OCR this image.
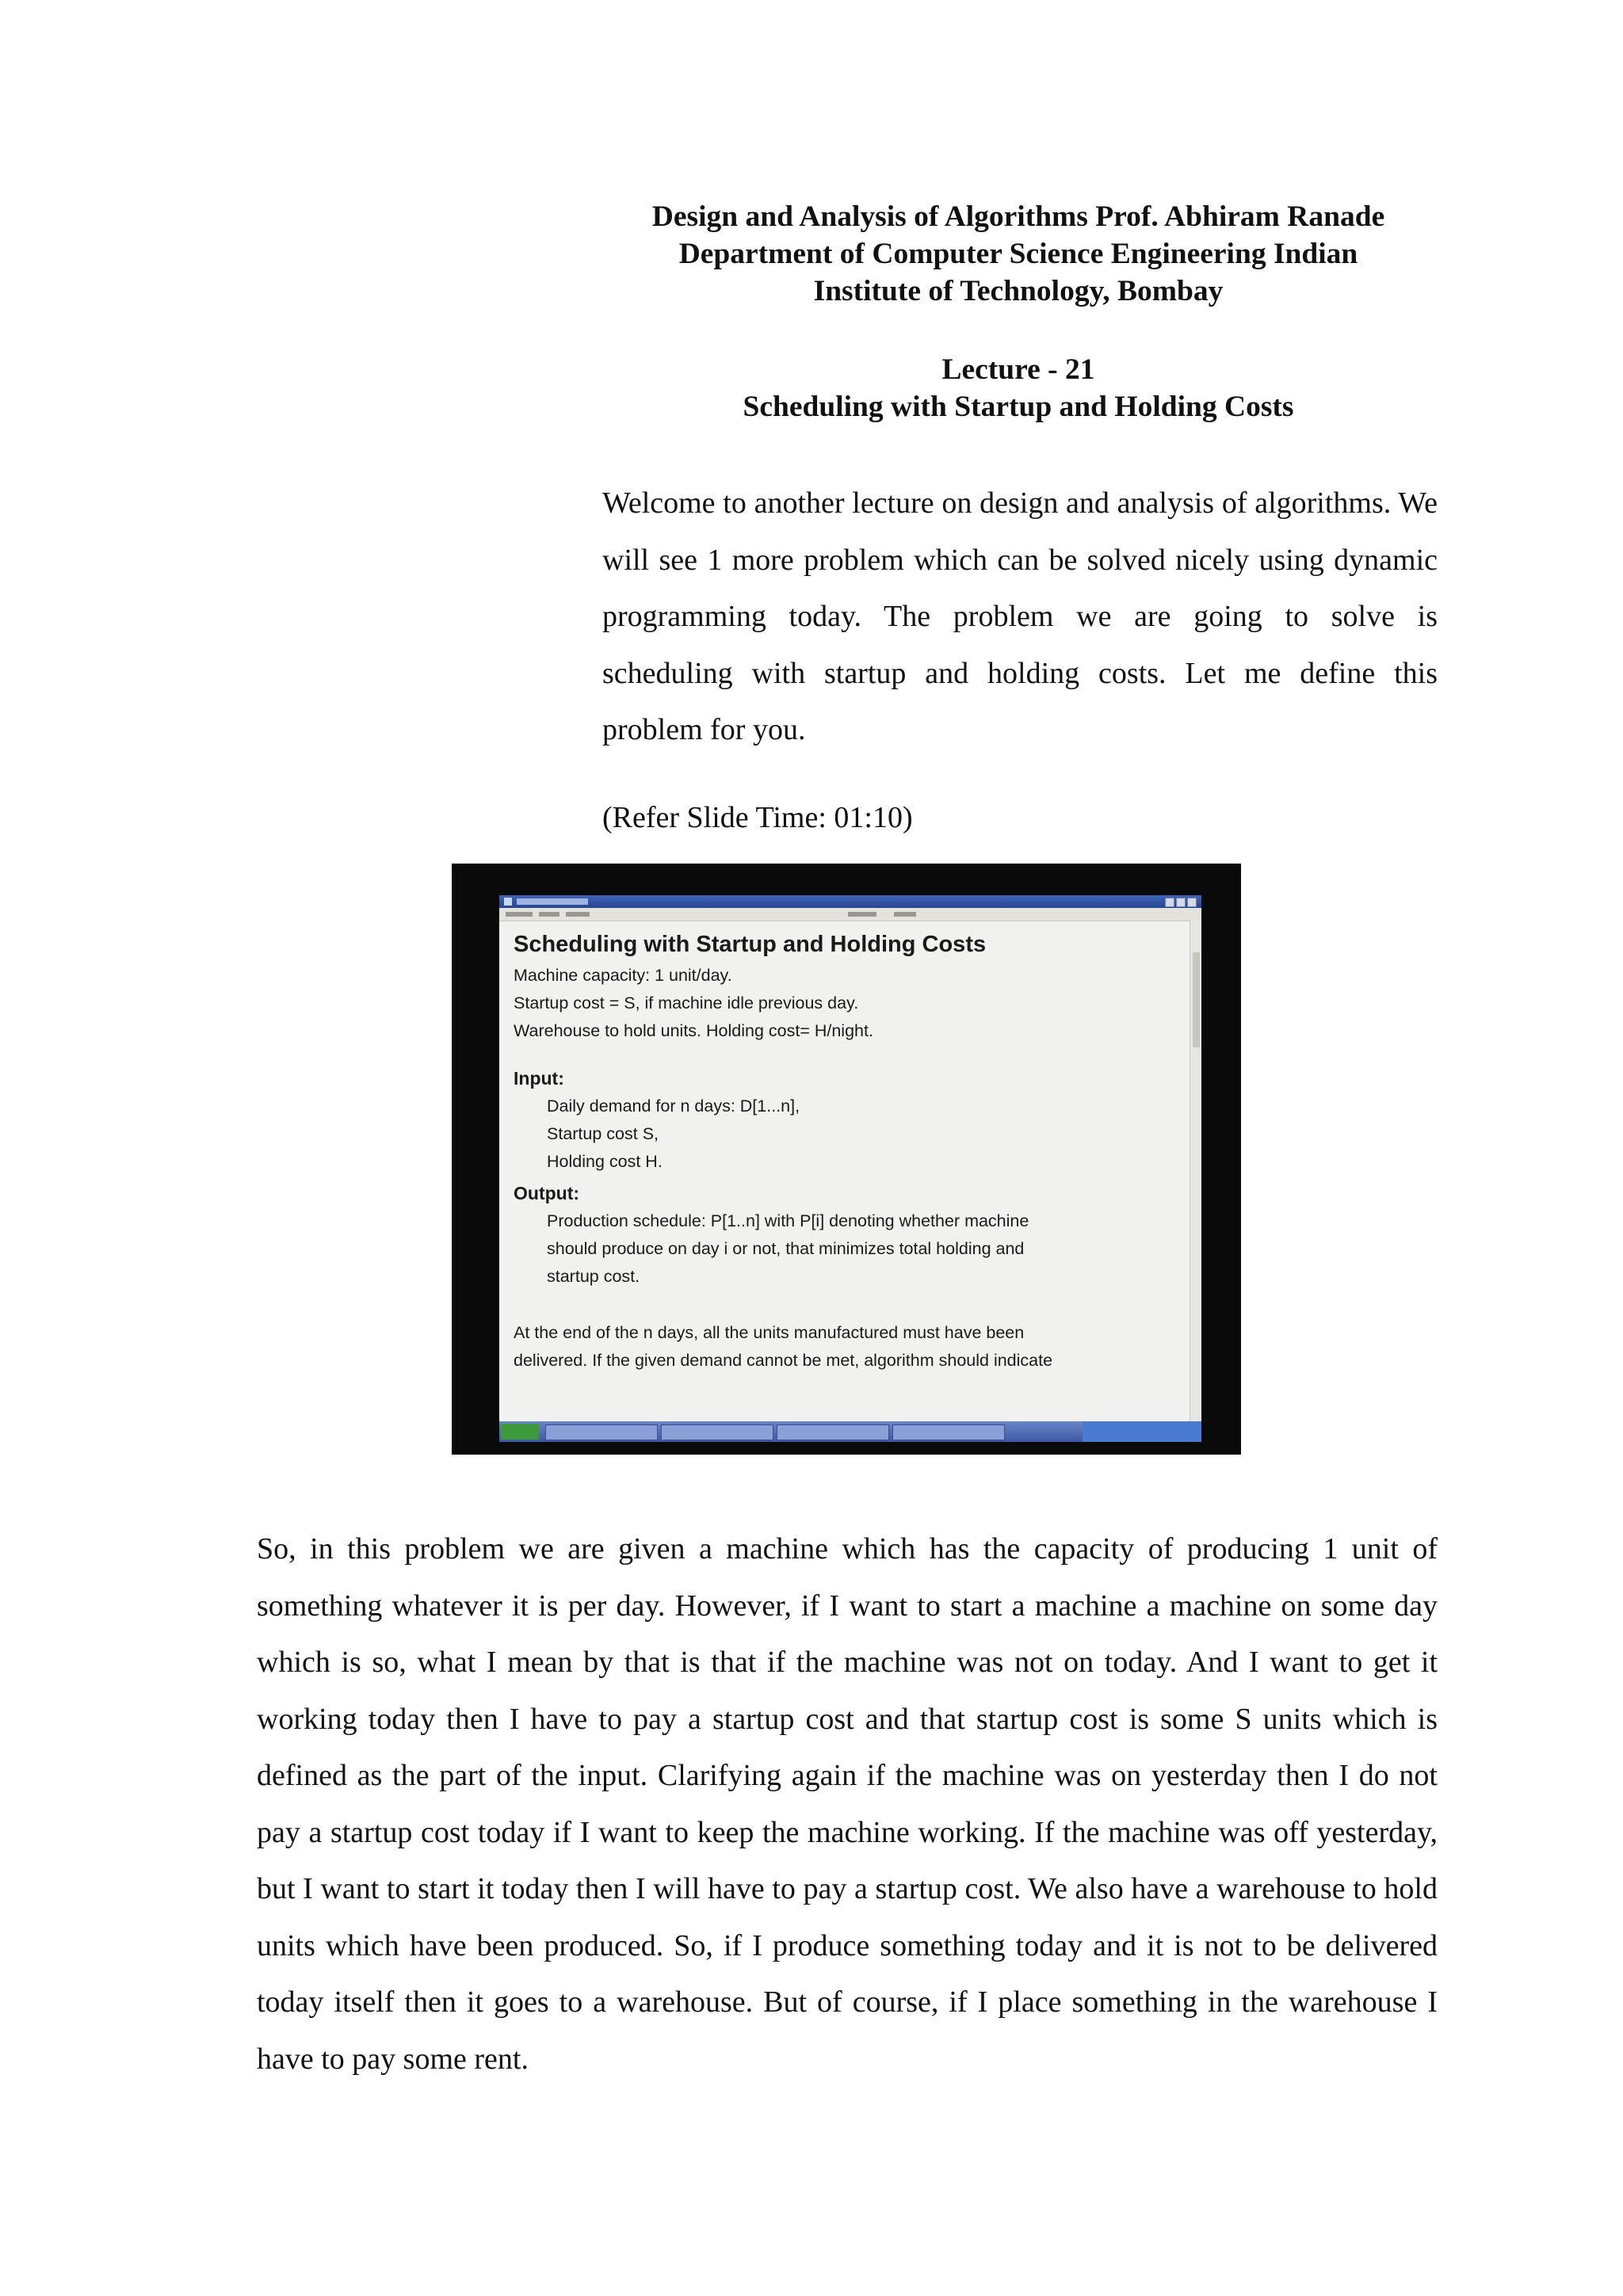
Design and Analysis of Algorithms Prof. Abhiram Ranade
Department of Computer Science Engineering Indian
Institute of Technology, Bombay
Lecture - 21
Scheduling with Startup and Holding Costs

Welcome to another lecture on design and analysis of algorithms. We will see 1 more problem which can be solved nicely using dynamic programming today. The problem we are going to solve is scheduling with startup and holding costs. Let me define this problem for you.

(Refer Slide Time: 01:10)
Scheduling with Startup and Holding Costs
Machine capacity: 1 unit/day.
Startup cost = S, if machine idle previous day.
Warehouse to hold units. Holding cost= H/night.
Input:
Daily demand for n days: D[1...n],
Startup cost S,
Holding cost H.
Output:
Production schedule: P[1..n] with P[i] denoting whether machine
should produce on day i or not, that minimizes total holding and
startup cost.
At the end of the n days, all the units manufactured must have been
delivered. If the given demand cannot be met, algorithm should indicate

So, in this problem we are given a machine which has the capacity of producing 1 unit of something whatever it is per day. However, if I want to start a machine a machine on some day which is so, what I mean by that is that if the machine was not on today. And I want to get it working today then I have to pay a startup cost and that startup cost is some S units which is defined as the part of the input. Clarifying again if the machine was on yesterday then I do not pay a startup cost today if I want to keep the machine working. If the machine was off yesterday, but I want to start it today then I will have to pay a startup cost. We also have a warehouse to hold units which have been produced. So, if I produce something today and it is not to be delivered today itself then it goes to a warehouse. But of course, if I place something in the warehouse I have to pay some rent.
